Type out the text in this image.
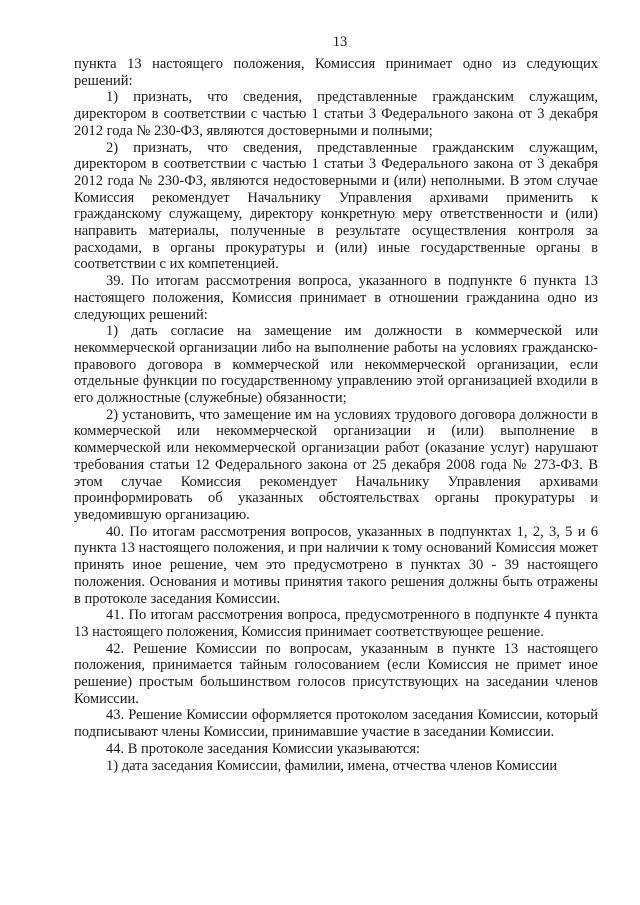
13

пункта 13 настоящего положения, Комиссия принимает одно из следующих решений:

1) признать, что сведения, представленные гражданским служащим, директором в соответствии с частью 1 статьи 3 Федерального закона от 3 декабря 2012 года № 230-ФЗ, являются достоверными и полными;

2) признать, что сведения, представленные гражданским служащим, директором в соответствии с частью 1 статьи 3 Федерального закона от 3 декабря 2012 года № 230-ФЗ, являются недостоверными и (или) неполными. В этом случае Комиссия рекомендует Начальнику Управления архивами применить к гражданскому служащему, директору конкретную меру ответственности и (или) направить материалы, полученные в результате осуществления контроля за расходами, в органы прокуратуры и (или) иные государственные органы в соответствии с их компетенцией.

39. По итогам рассмотрения вопроса, указанного в подпункте 6 пункта 13 настоящего положения, Комиссия принимает в отношении гражданина одно из следующих решений:

1) дать согласие на замещение им должности в коммерческой или некоммерческой организации либо на выполнение работы на условиях гражданско-правового договора в коммерческой или некоммерческой организации, если отдельные функции по государственному управлению этой организацией входили в его должностные (служебные) обязанности;

2) установить, что замещение им на условиях трудового договора должности в коммерческой или некоммерческой организации и (или) выполнение в коммерческой или некоммерческой организации работ (оказание услуг) нарушают требования статьи 12 Федерального закона от 25 декабря 2008 года № 273-ФЗ. В этом случае Комиссия рекомендует Начальнику Управления архивами проинформировать об указанных обстоятельствах органы прокуратуры и уведомившую организацию.

40. По итогам рассмотрения вопросов, указанных в подпунктах 1, 2, 3, 5 и 6 пункта 13 настоящего положения, и при наличии к тому оснований Комиссия может принять иное решение, чем это предусмотрено в пунктах 30 - 39 настоящего положения. Основания и мотивы принятия такого решения должны быть отражены в протоколе заседания Комиссии.

41. По итогам рассмотрения вопроса, предусмотренного в подпункте 4 пункта 13 настоящего положения, Комиссия принимает соответствующее решение.

42. Решение Комиссии по вопросам, указанным в пункте 13 настоящего положения, принимается тайным голосованием (если Комиссия не примет иное решение) простым большинством голосов присутствующих на заседании членов Комиссии.

43. Решение Комиссии оформляется протоколом заседания Комиссии, который подписывают члены Комиссии, принимавшие участие в заседании Комиссии.

44. В протоколе заседания Комиссии указываются:

1) дата заседания Комиссии, фамилии, имена, отчества членов Комиссии
